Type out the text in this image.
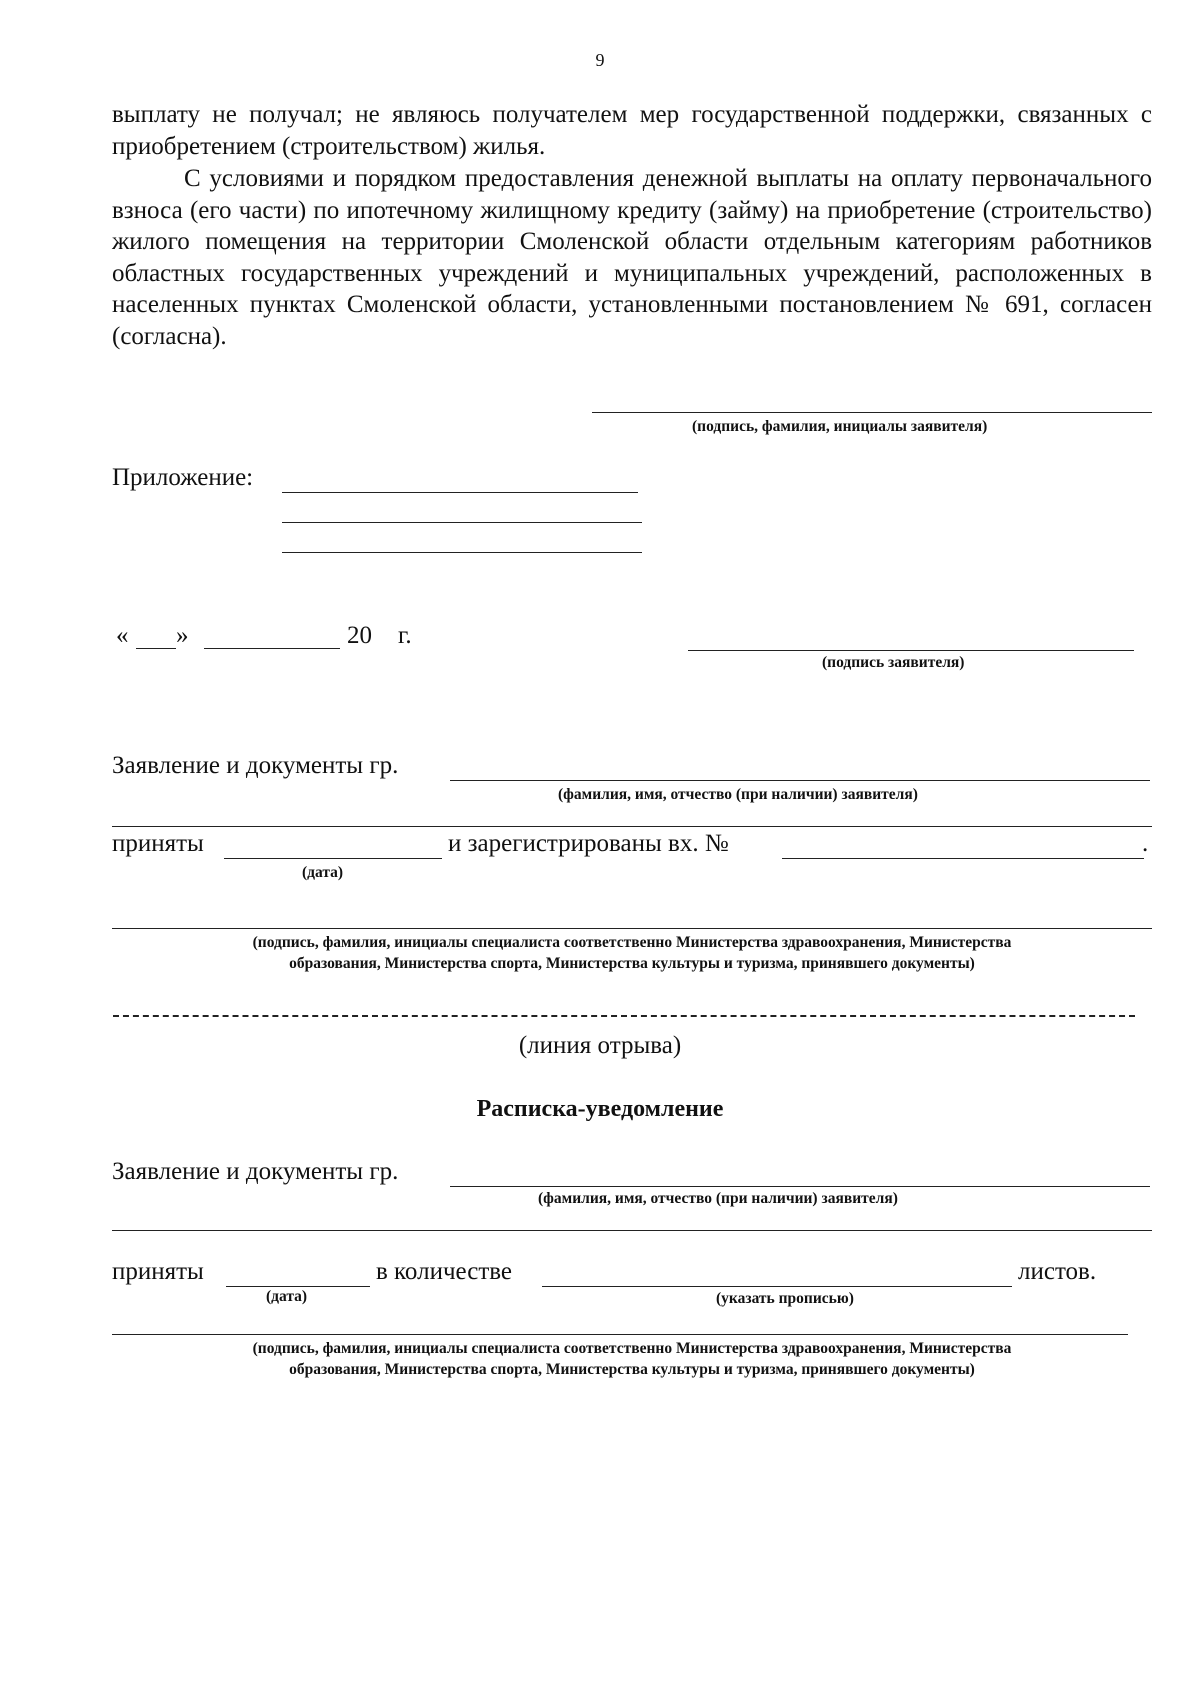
9
выплату не получал; не являюсь получателем мер государственной поддержки, связанных с приобретением (строительством) жилья.
С условиями и порядком предоставления денежной выплаты на оплату первоначального взноса (его части) по ипотечному жилищному кредиту (займу) на приобретение (строительство) жилого помещения на территории Смоленской области отдельным категориям работников областных государственных учреждений и муниципальных учреждений, расположенных в населенных пунктах Смоленской области, установленными постановлением № 691, согласен (согласна).
(подпись, фамилия, инициалы заявителя)
Приложение:
« »	20 г.
(подпись заявителя)
Заявление и документы гр.
(фамилия, имя, отчество (при наличии) заявителя)
приняты	и зарегистрированы вх. №	.
(дата)
(подпись, фамилия, инициалы специалиста соответственно Министерства здравоохранения, Министерства
образования, Министерства спорта, Министерства культуры и туризма, принявшего документы)
(линия отрыва)
Расписка-уведомление
Заявление и документы гр.
(фамилия, имя, отчество (при наличии) заявителя)
приняты	в количестве	листов.
(дата)	(указать прописью)
(подпись, фамилия, инициалы специалиста соответственно Министерства здравоохранения, Министерства
образования, Министерства спорта, Министерства культуры и туризма, принявшего документы)
